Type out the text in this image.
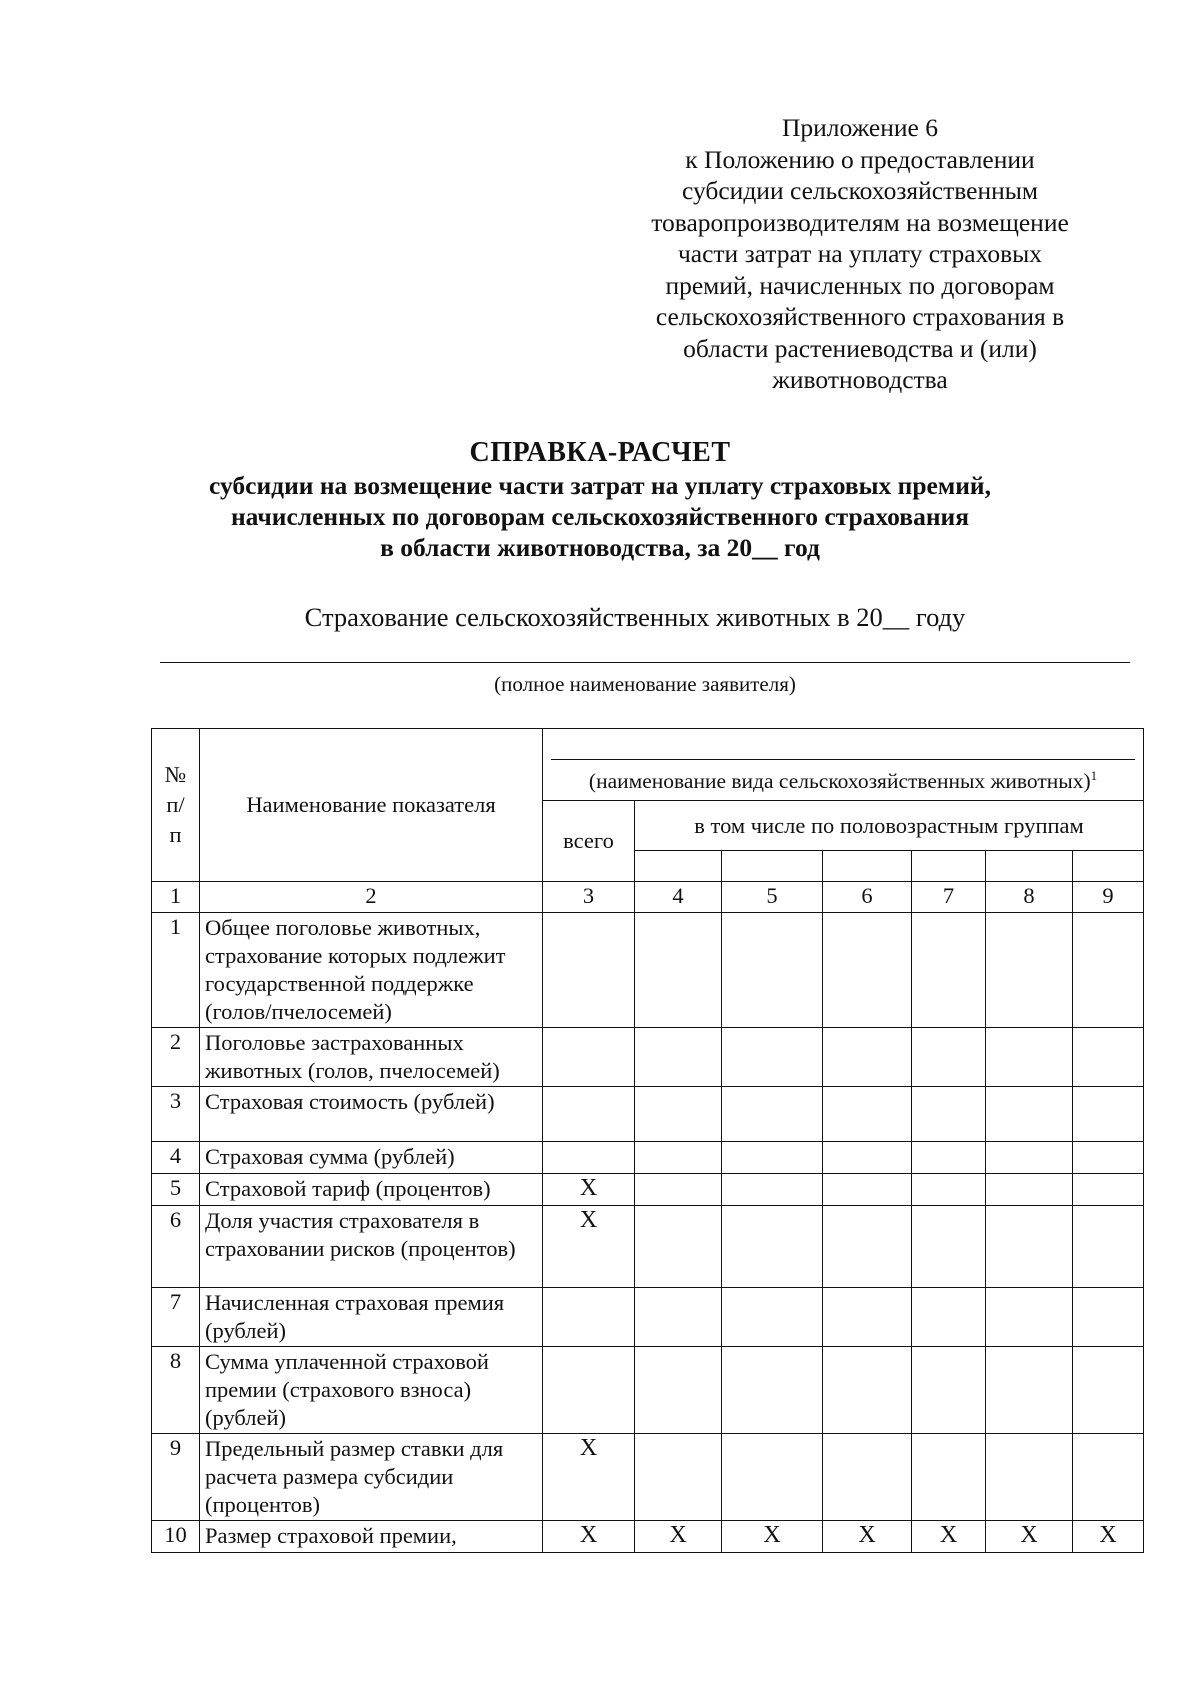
Приложение 6
к Положению о предоставлении
субсидии сельскохозяйственным
товаропроизводителям на возмещение
части затрат на уплату страховых
премий, начисленных по договорам
сельскохозяйственного страхования в
области растениеводства и (или)
животноводства
СПРАВКА-РАСЧЕТ
субсидии на возмещение части затрат на уплату страховых премий,
начисленных по договорам сельскохозяйственного страхования
в области животноводства, за 20__ год
Страхование сельскохозяйственных животных в 20__ году
(полное наименование заявителя)
№ п/п	Наименование показателя	(наименование вида сельскохозяйственных животных)$^1$

		всего	в том числе по половозрастным группам					

1	2	3	4	5	6	7	8	9
1	Общее поголовье животных, страхование которых подлежит государственной поддержке (голов/пчелосемей)							
2	Поголовье застрахованных животных (голов, пчелосемей)							
3	Страховая стоимость (рублей)							
4	Страховая сумма (рублей)							
5	Страховой тариф (процентов)	X						
6	Доля участия страхователя в страховании рисков (процентов)	X						
7	Начисленная страховая премия (рублей)							
8	Сумма уплаченной страховой премии (страхового взноса) (рублей)							
9	Предельный размер ставки для расчета размера субсидии (процентов)	X						
10	Размер страховой премии,	X	X	X	X	X	X	X
